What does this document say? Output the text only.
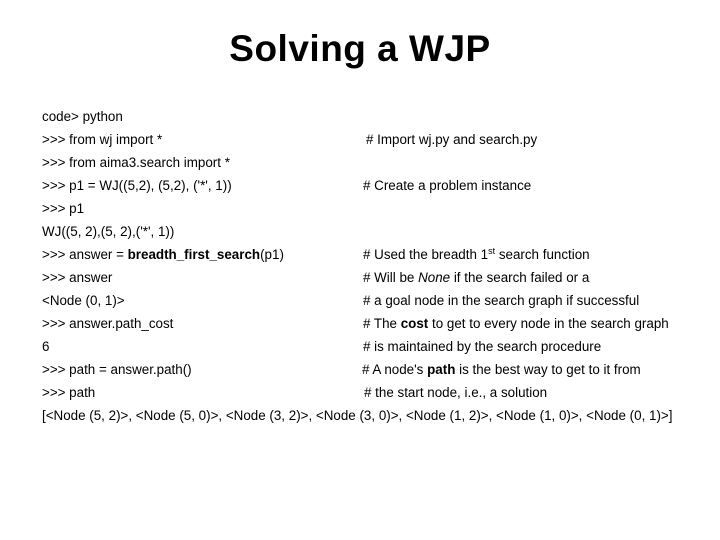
Solving a WJP
code> python
>>> from wj import *	# Import wj.py and search.py
>>> from aima3.search import *
>>> p1 = WJ((5,2), (5,2), ('*', 1))	# Create a problem instance
>>> p1
WJ((5, 2),(5, 2),('*', 1))
>>> answer = breadth_first_search(p1)	# Used the breadth 1st search function
>>> answer	# Will be None if the search failed or a
<Node (0, 1)>	# a goal node in the search graph if successful
>>> answer.path_cost	# The cost to get to every node in the search graph
6	# is maintained by the search procedure
>>> path = answer.path()	# A node's path is the best way to get to it from
>>> path	# the start node, i.e., a solution
[<Node (5, 2)>, <Node (5, 0)>, <Node (3, 2)>, <Node (3, 0)>, <Node (1, 2)>, <Node (1, 0)>, <Node (0, 1)>]
